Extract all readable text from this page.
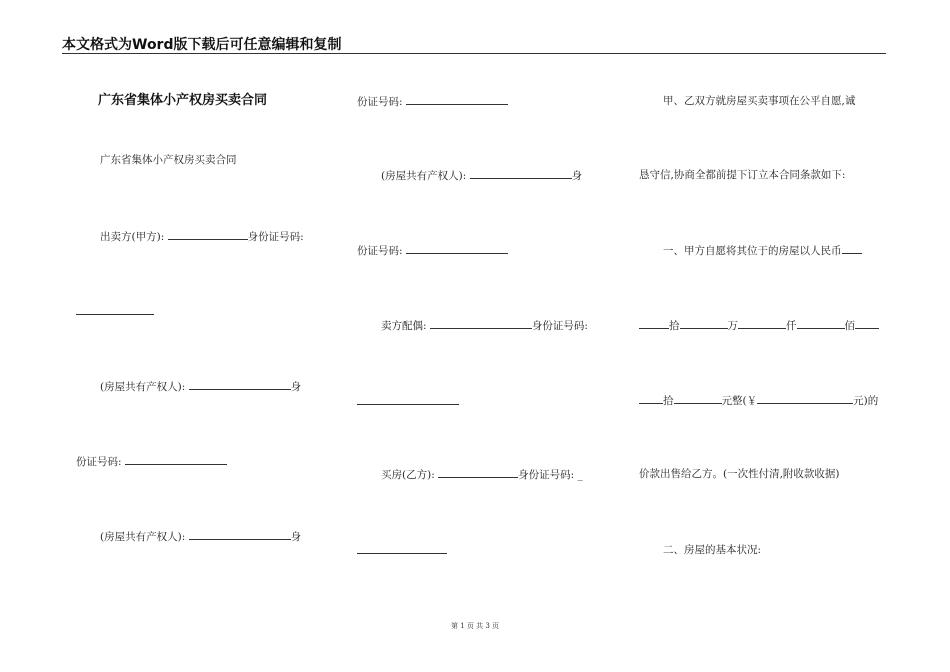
本文格式为Word版下载后可任意编辑和复制
广东省集体小产权房买卖合同
广东省集体小产权房买卖合同
出卖方(甲方):	身份证号码:
(房屋共有产权人):	身
份证号码:
(房屋共有产权人):	身
份证号码:
(房屋共有产权人):	身
份证号码:
卖方配偶:	身份证号码:
买房(乙方):	身份证号码: _
甲、乙双方就房屋买卖事项在公平自愿,诚
恳守信,协商全都前提下订立本合同条款如下:
一、甲方自愿将其位于的房屋以人民币
拾	万	仟	佰
拾	元整(￥	元)的
价款出售给乙方。(一次性付清,附收款收据)
二、房屋的基本状况:
第 1 页 共 3 页
